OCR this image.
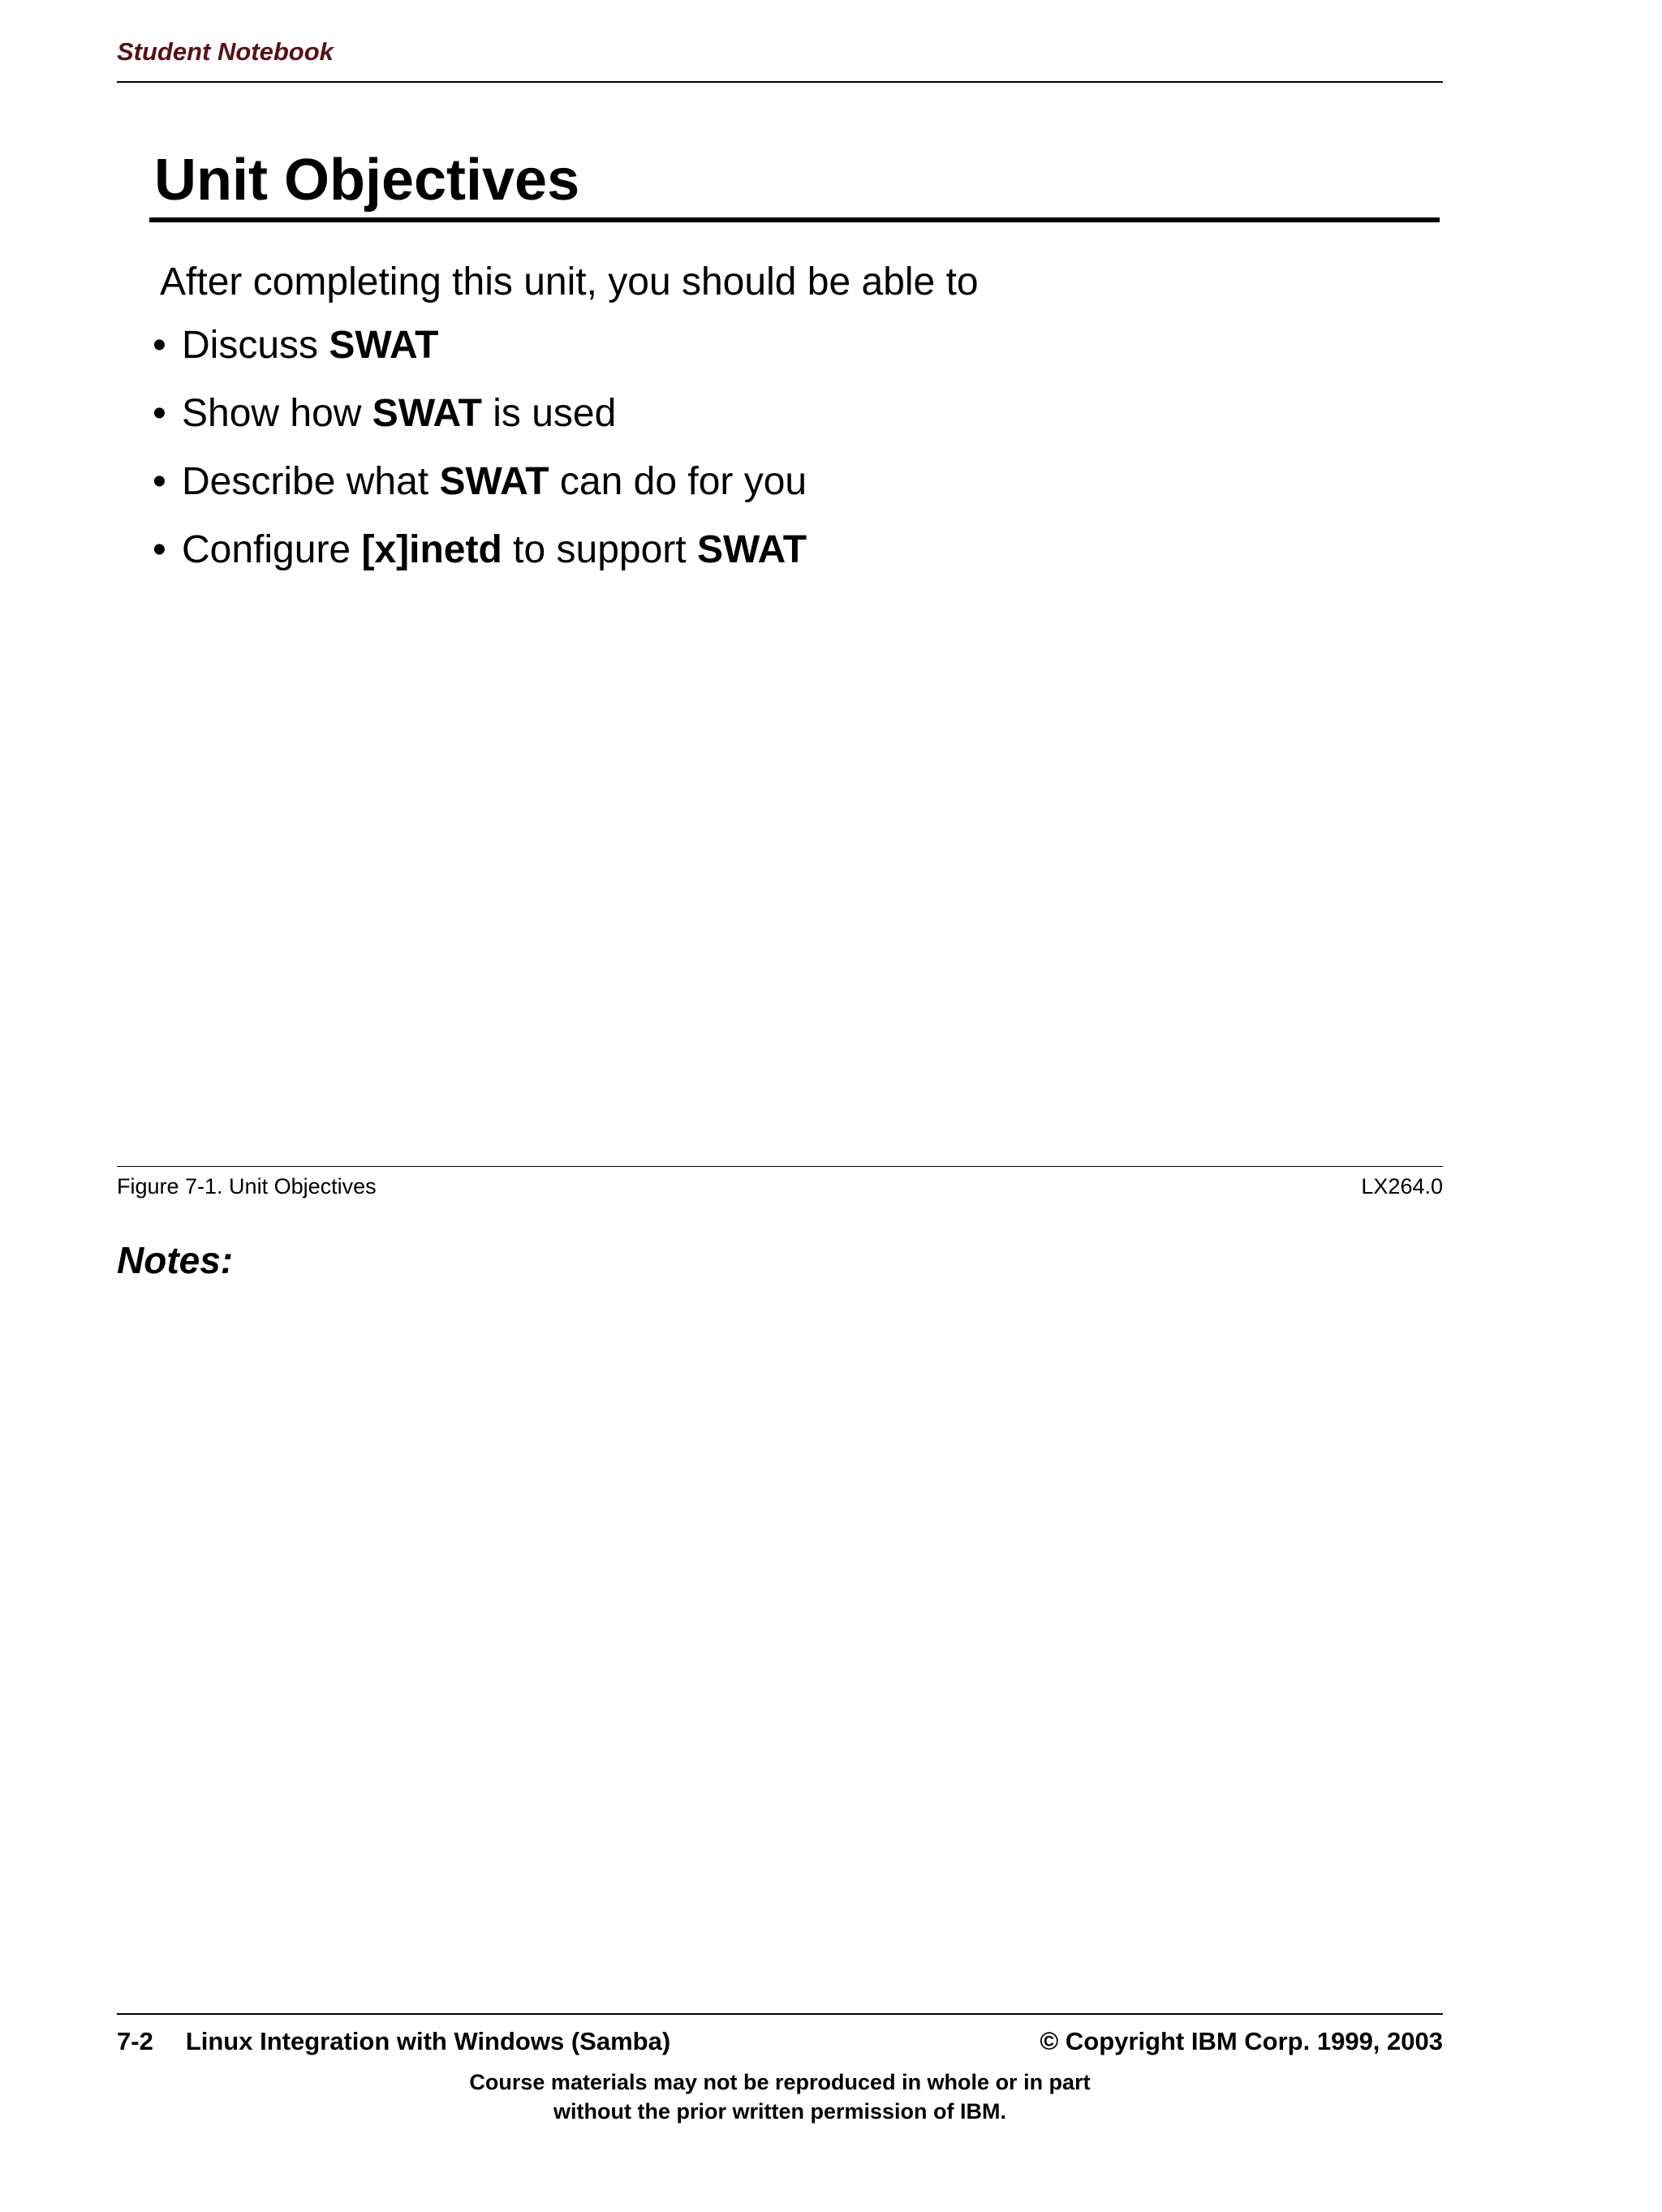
Student Notebook
Unit Objectives
After completing this unit, you should be able to
• Discuss SWAT
• Show how SWAT is used
• Describe what SWAT can do for you
• Configure [x]inetd to support SWAT
Figure 7-1. Unit Objectives	LX264.0
Notes:
7-2 Linux Integration with Windows (Samba)	© Copyright IBM Corp. 1999, 2003
Course materials may not be reproduced in whole or in part
without the prior written permission of IBM.
